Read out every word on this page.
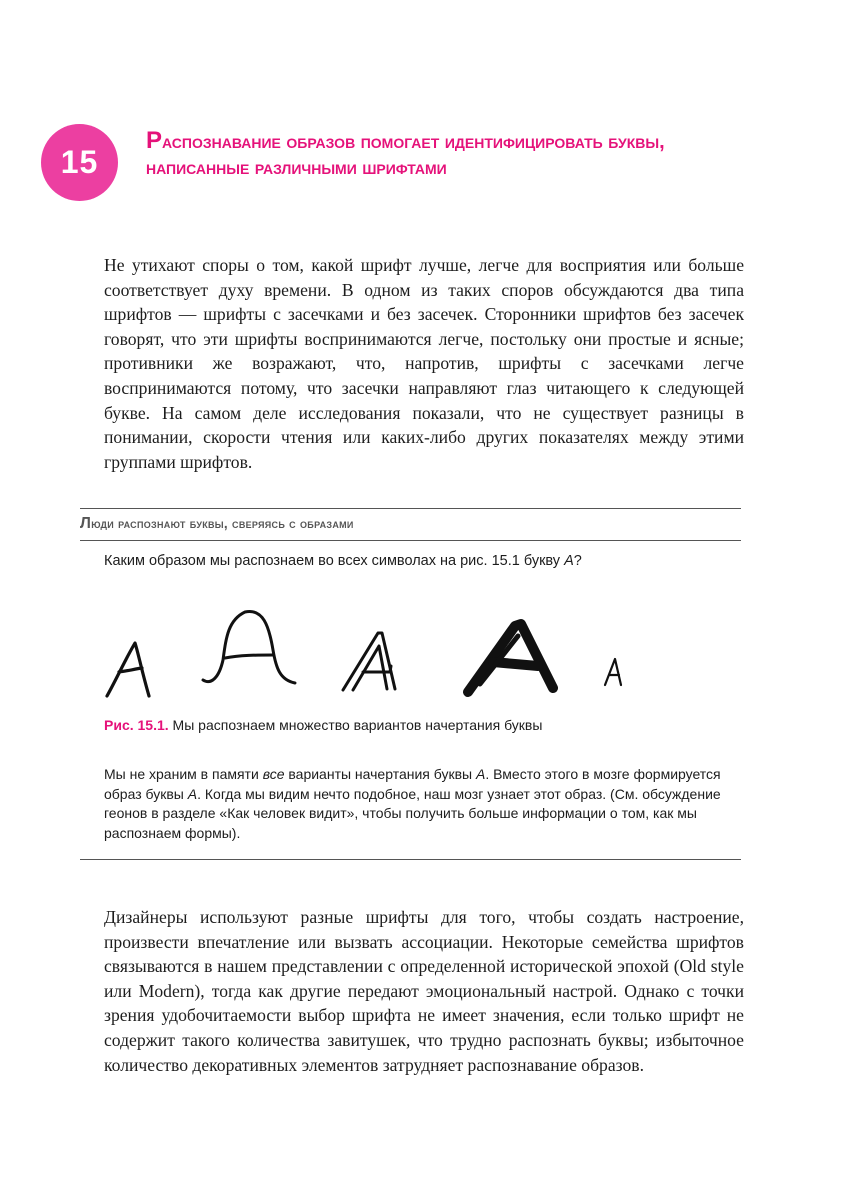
15
Распознавание образов помогает идентифицировать буквы, написанные различными шрифтами

Не утихают споры о том, какой шрифт лучше, легче для восприятия или больше соответствует духу времени. В одном из таких споров обсуждаются два типа шрифтов — шрифты с засечками и без засечек. Сторонники шрифтов без засечек говорят, что эти шрифты воспринимаются легче, постольку они простые и ясные; противники же возражают, что, напротив, шрифты с засечками легче воспринимаются потому, что засечки направляют глаз читающего к следующей букве. На самом деле исследования показали, что не существует разницы в понимании, скорости чтения или каких-либо других показателях между этими группами шрифтов.

Люди распознают буквы, сверяясь с образами

Каким образом мы распознаем во всех символах на рис. 15.1 букву А?

Рис. 15.1. Мы распознаем множество вариантов начертания буквы

Мы не храним в памяти все варианты начертания буквы А. Вместо этого в мозге формируется образ буквы А. Когда мы видим нечто подобное, наш мозг узнает этот образ. (См. обсуждение геонов в разделе «Как человек видит», чтобы получить больше информации о том, как мы распознаем формы).

Дизайнеры используют разные шрифты для того, чтобы создать настроение, произвести впечатление или вызвать ассоциации. Некоторые семейства шрифтов связываются в нашем представлении с определенной исторической эпохой (Old style или Modern), тогда как другие передают эмоциональный настрой. Однако с точки зрения удобочитаемости выбор шрифта не имеет значения, если только шрифт не содержит такого количества завитушек, что трудно распознать буквы; избыточное количество декоративных элементов затрудняет распознавание образов.
